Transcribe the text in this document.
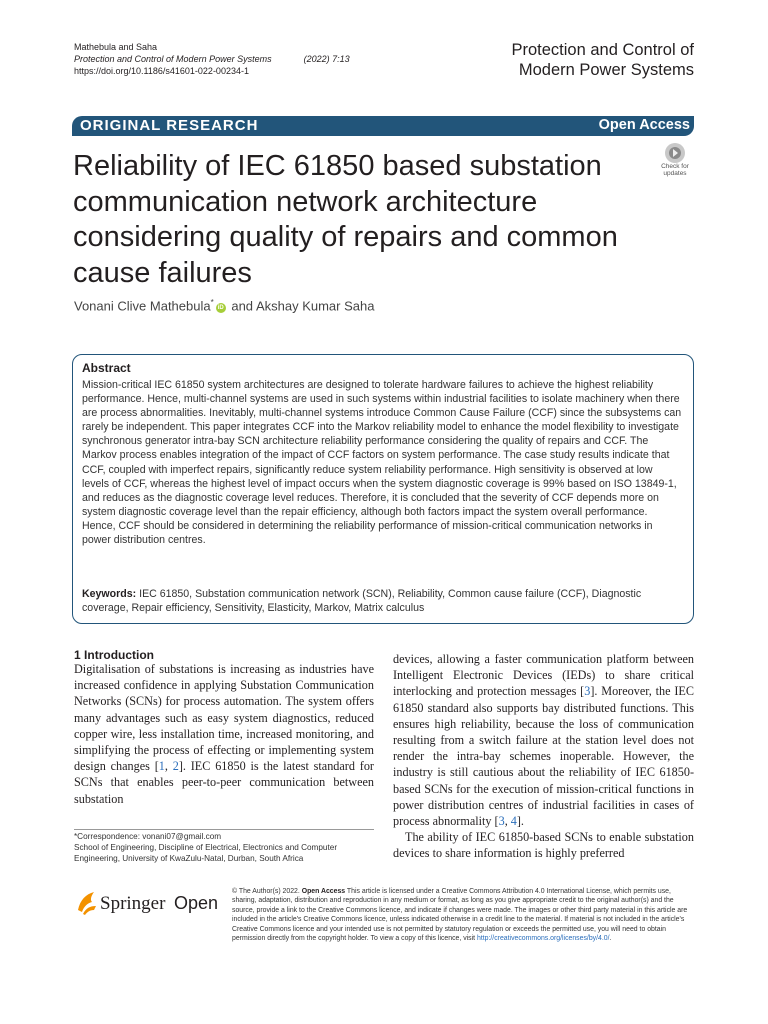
Mathebula and Saha
Protection and Control of Modern Power Systems	(2022) 7:13
https://doi.org/10.1186/s41601-022-00234-1
Protection and Control of
Modern Power Systems
ORIGINAL RESEARCH	Open Access
Reliability of IEC 61850 based substation communication network architecture considering quality of repairs and common cause failures
Check for
updates
Vonani Clive Mathebula*iD and Akshay Kumar Saha
Abstract
Mission-critical IEC 61850 system architectures are designed to tolerate hardware failures to achieve the highest reliability performance. Hence, multi-channel systems are used in such systems within industrial facilities to isolate machinery when there are process abnormalities. Inevitably, multi-channel systems introduce Common Cause Failure (CCF) since the subsystems can rarely be independent. This paper integrates CCF into the Markov reliability model to enhance the model flexibility to investigate synchronous generator intra-bay SCN architecture reliability performance considering the quality of repairs and CCF. The Markov process enables integration of the impact of CCF factors on system performance. The case study results indicate that CCF, coupled with imperfect repairs, significantly reduce system reliability performance. High sensitivity is observed at low levels of CCF, whereas the highest level of impact occurs when the system diagnostic coverage is 99% based on ISO 13849-1, and reduces as the diagnostic coverage level reduces. Therefore, it is concluded that the severity of CCF depends more on system diagnostic coverage level than the repair efficiency, although both factors impact the system overall performance. Hence, CCF should be considered in determining the reliability performance of mission-critical communication networks in power distribution centres.
Keywords: IEC 61850, Substation communication network (SCN), Reliability, Common cause failure (CCF), Diagnostic coverage, Repair efficiency, Sensitivity, Elasticity, Markov, Matrix calculus
1 Introduction
Digitalisation of substations is increasing as industries have increased confidence in applying Substation Communication Networks (SCNs) for process automation. The system offers many advantages such as easy system diagnostics, reduced copper wire, less installation time, increased monitoring, and simplifying the process of effecting or implementing system design changes [1, 2]. IEC 61850 is the latest standard for SCNs that enables peer-to-peer communication between substation
devices, allowing a faster communication platform between Intelligent Electronic Devices (IEDs) to share critical interlocking and protection messages [3]. Moreover, the IEC 61850 standard also supports bay distributed functions. This ensures high reliability, because the loss of communication resulting from a switch failure at the station level does not render the intra-bay schemes inoperable. However, the industry is still cautious about the reliability of IEC 61850-based SCNs for the execution of mission-critical functions in power distribution centres of industrial facilities in cases of process abnormality [3, 4].
The ability of IEC 61850-based SCNs to enable substation devices to share information is highly preferred
*Correspondence: vonani07@gmail.com
School of Engineering, Discipline of Electrical, Electronics and Computer Engineering, University of KwaZulu-Natal, Durban, South Africa
Springer Open
© The Author(s) 2022. Open Access This article is licensed under a Creative Commons Attribution 4.0 International License, which permits use, sharing, adaptation, distribution and reproduction in any medium or format, as long as you give appropriate credit to the original author(s) and the source, provide a link to the Creative Commons licence, and indicate if changes were made. The images or other third party material in this article are included in the article's Creative Commons licence, unless indicated otherwise in a credit line to the material. If material is not included in the article's Creative Commons licence and your intended use is not permitted by statutory regulation or exceeds the permitted use, you will need to obtain permission directly from the copyright holder. To view a copy of this licence, visit http://creativecommons.org/licenses/by/4.0/.
